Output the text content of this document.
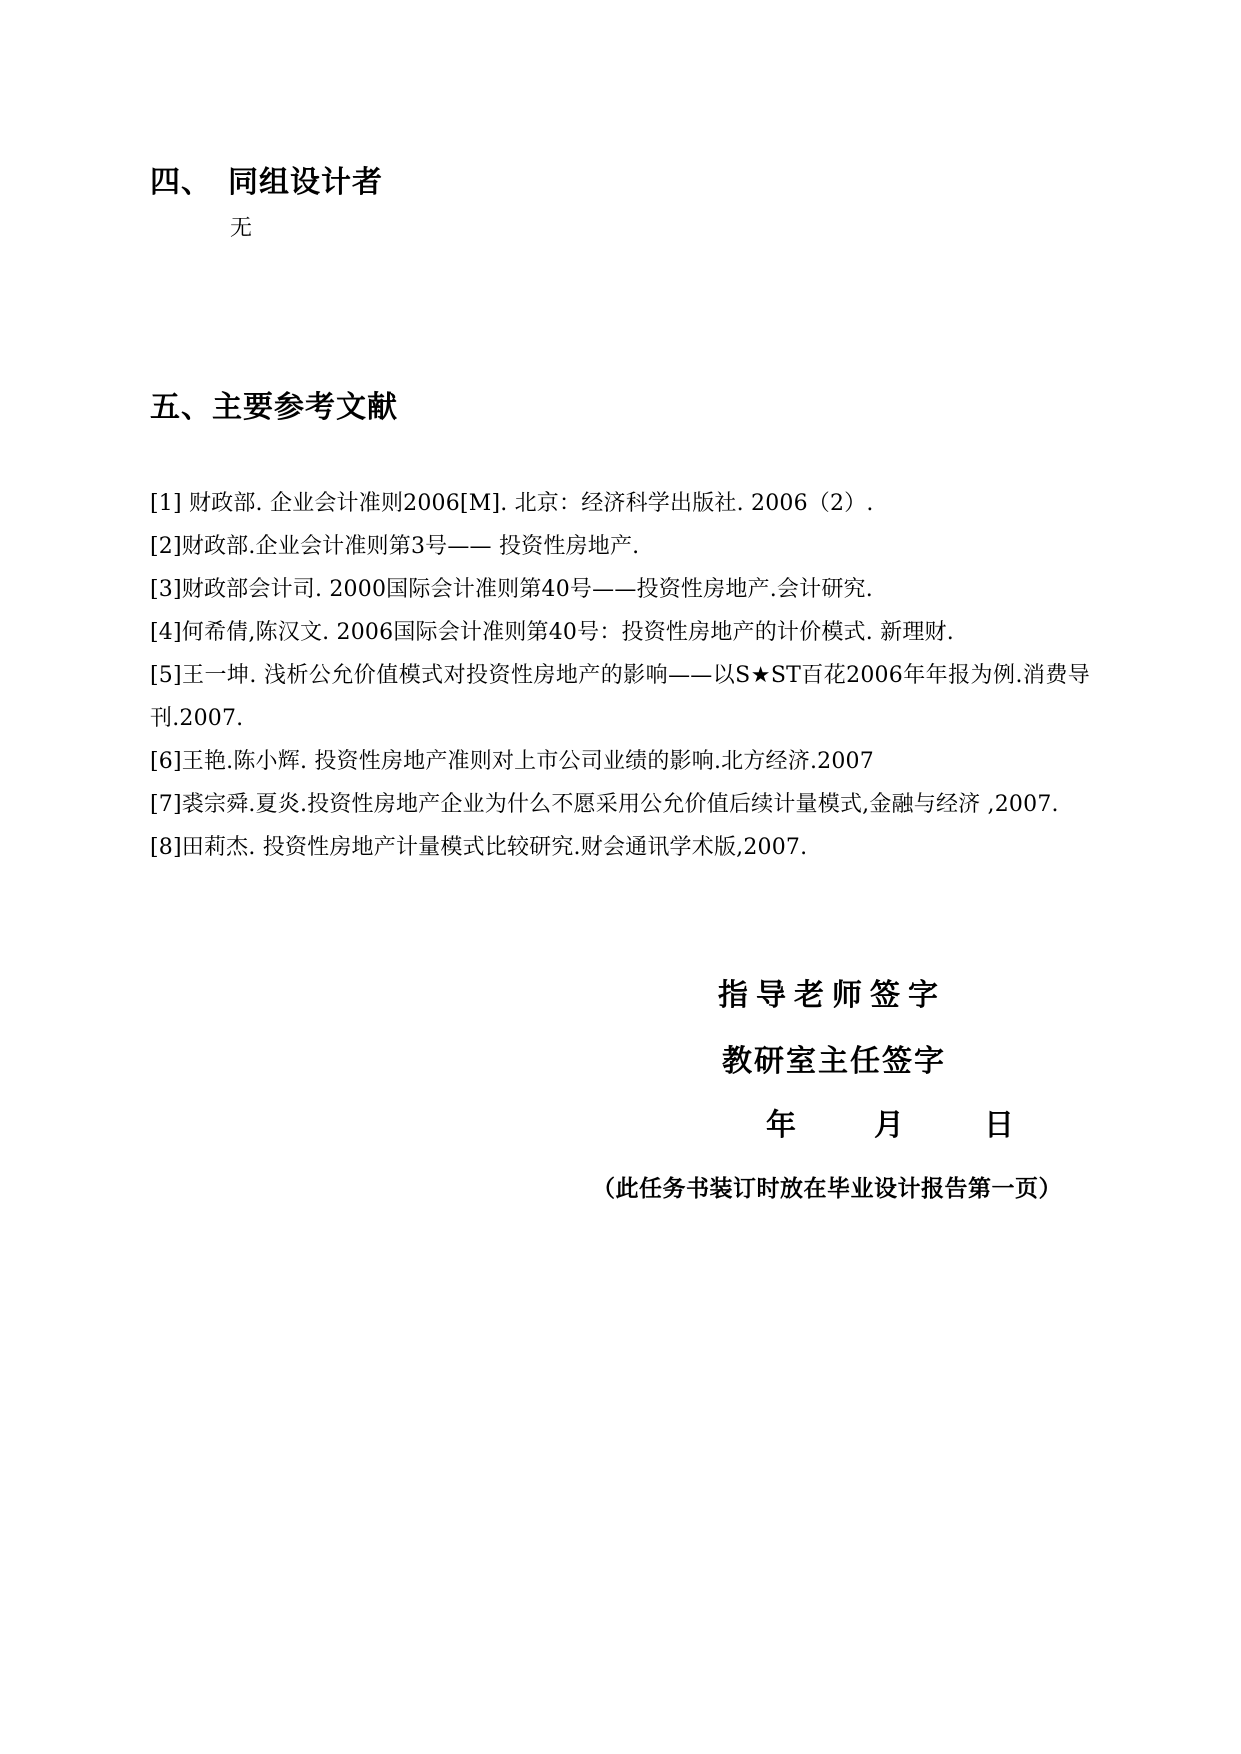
四、 同组设计者
无
五、主要参考文献

[1] 财政部. 企业会计准则2006[M]. 北京：经济科学出版社. 2006（2）.

[2]财政部.企业会计准则第3号—— 投资性房地产.

[3]财政部会计司. 2000国际会计准则第40号——投资性房地产.会计研究.

[4]何希倩,陈汉文. 2006国际会计准则第40号：投资性房地产的计价模式. 新理财.

[5]王一坤. 浅析公允价值模式对投资性房地产的影响——以S★ST百花2006年年报为例.消费导刊.2007.

[6]王艳.陈小辉. 投资性房地产准则对上市公司业绩的影响.北方经济.2007

[7]裘宗舜.夏炎.投资性房地产企业为什么不愿采用公允价值后续计量模式,金融与经济 ,2007.

[8]田莉杰. 投资性房地产计量模式比较研究.财会通讯学术版,2007.

指导老师签字
教研室主任签字
年	月	日
（此任务书装订时放在毕业设计报告第一页）
